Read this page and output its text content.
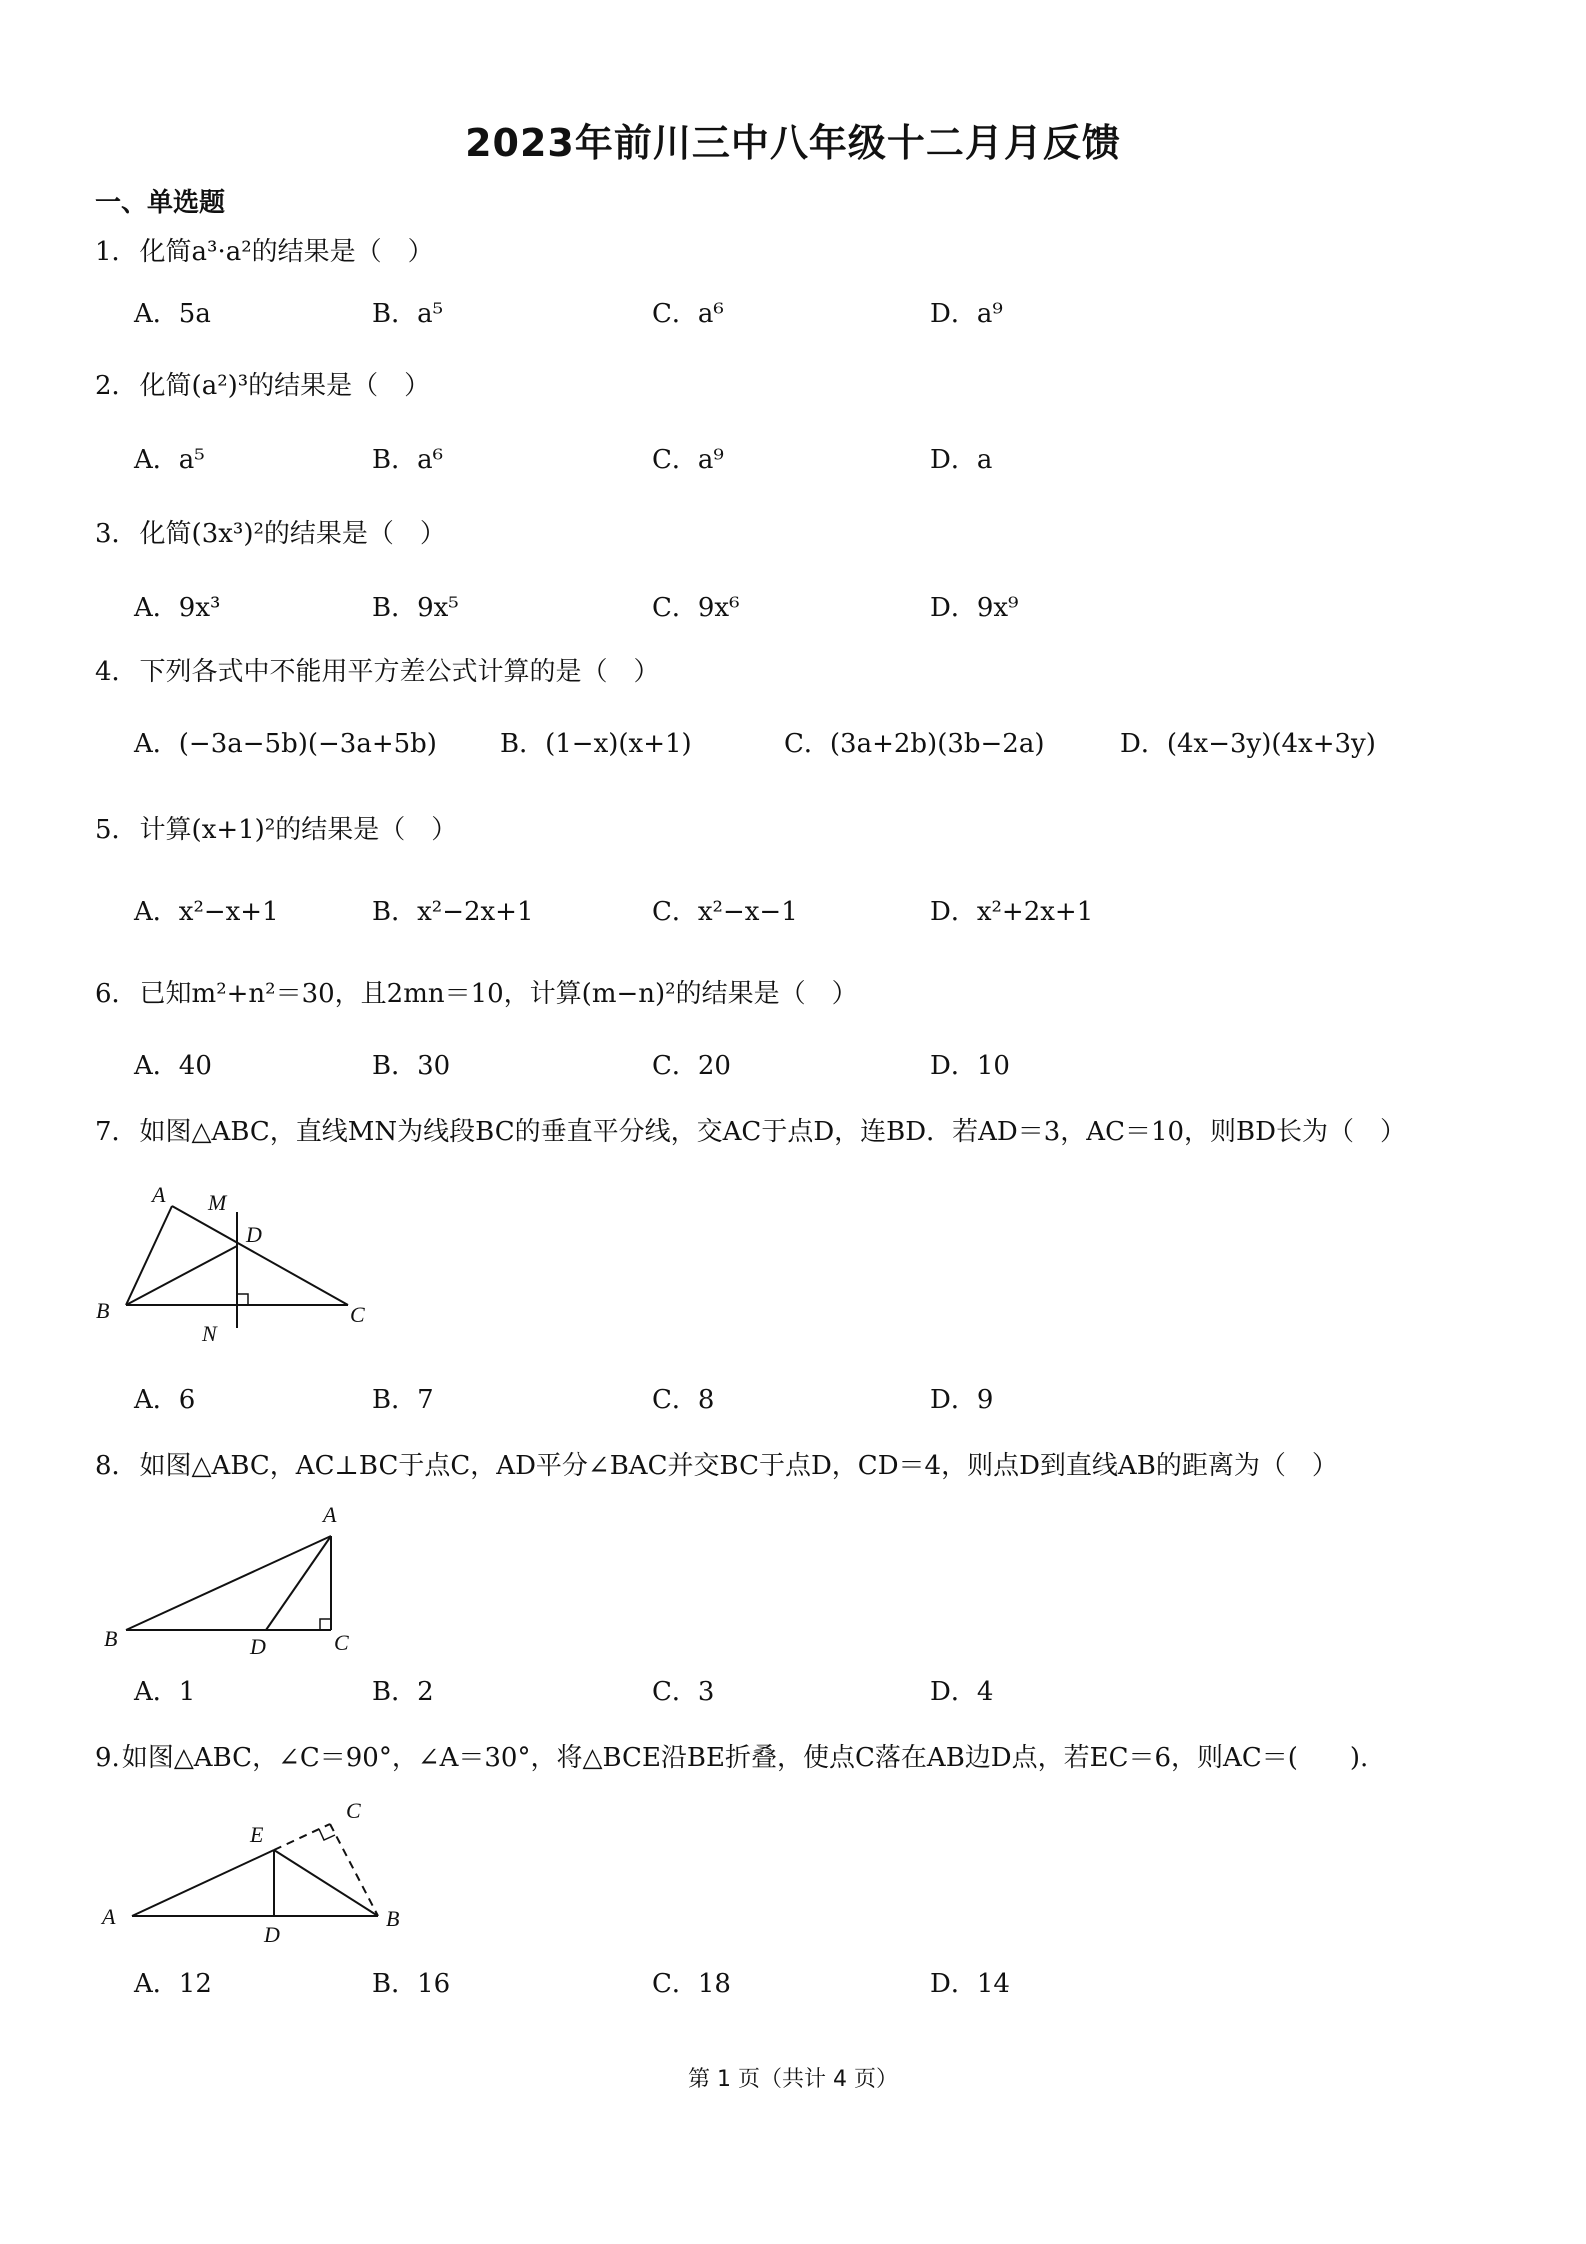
2023年前川三中八年级十二月月反馈
一、单选题
1．化简a³·a²的结果是（　）
A．5a	B．a⁵	C．a⁶	D．a⁹
2．化简(a²)³的结果是（　）
A．a⁵	B．a⁶	C．a⁹	D．a
3．化简(3x³)²的结果是（　）
A．9x³	B．9x⁵	C．9x⁶	D．9x⁹
4．下列各式中不能用平方差公式计算的是（　）
A．(−3a−5b)(−3a+5b) B．(1−x)(x+1)	C．(3a+2b)(3b−2a)	D．(4x−3y)(4x+3y)
5．计算(x+1)²的结果是（　）
A．x²−x+1	B．x²−2x+1	C．x²−x−1	D．x²+2x+1
6．已知m²+n²＝30，且2mn＝10，计算(m−n)²的结果是（　）
A．40	B．30	C．20	D．10
7．如图△ABC，直线MN为线段BC的垂直平分线，交AC于点D，连BD．若AD＝3，AC＝10，则BD长为（　）
A M
D
B
N
C
A．6	B．7	C．8	D．9
8．如图△ABC，AC⊥BC于点C，AD平分∠BAC并交BC于点D，CD＝4，则点D到直线AB的距离为（　）
A
B	D	C
A．1	B．2	C．3	D．4
9.如图△ABC，∠C＝90°，∠A＝30°，将△BCE沿BE折叠，使点C落在AB边D点，若EC＝6，则AC＝(　　).
E
C
A
D
B
A．12	B．16	C．18	D．14
第 1 页（共计 4 页）
